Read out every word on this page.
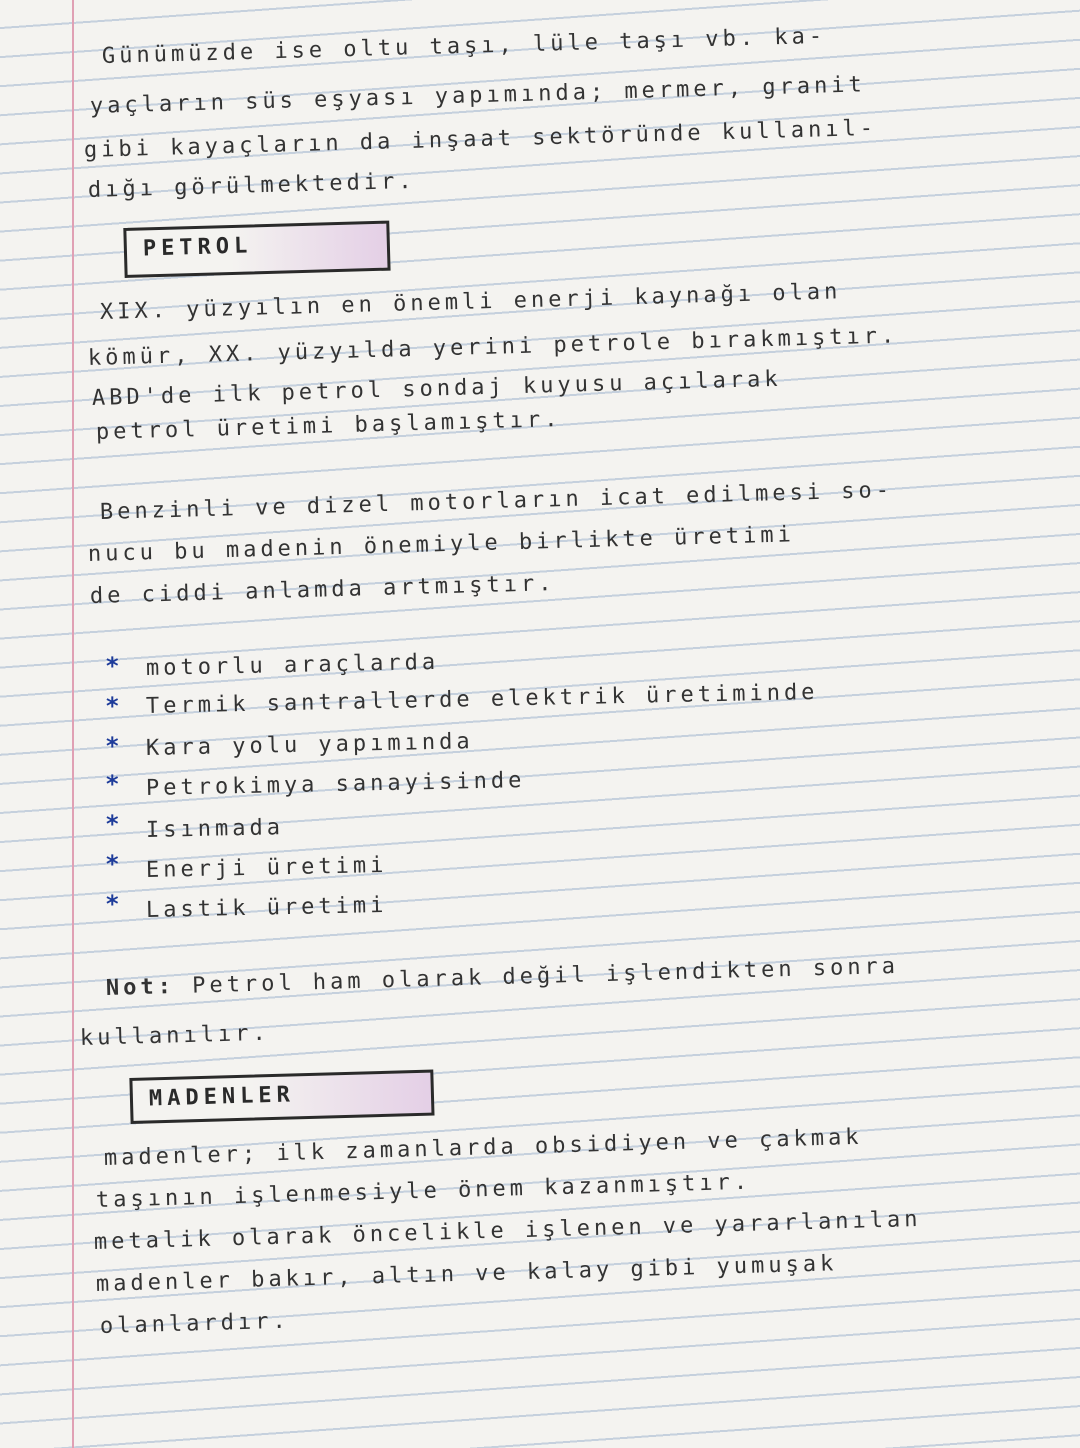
Günümüzde ise oltu taşı, lüle taşı vb. ka-
yaçların süs eşyası yapımında; mermer, granit
gibi kayaçların da inşaat sektöründe kullanıl-
dığı görülmektedir.
PETROL
XIX. yüzyılın en önemli enerji kaynağı olan
kömür, XX. yüzyılda yerini petrole bırakmıştır.
ABD'de ilk petrol sondaj kuyusu açılarak
petrol üretimi başlamıştır.
Benzinli ve dizel motorların icat edilmesi so-
nucu bu madenin önemiyle birlikte üretimi
de ciddi anlamda artmıştır.
* motorlu araçlarda
* Termik santrallerde elektrik üretiminde
* Kara yolu yapımında
* Petrokimya sanayisinde
* Isınmada
* Enerji üretimi
* Lastik üretimi
Not: Petrol ham olarak değil işlendikten sonra
kullanılır.
MADENLER
madenler; ilk zamanlarda obsidiyen ve çakmak
taşının işlenmesiyle önem kazanmıştır.
metalik olarak öncelikle işlenen ve yararlanılan
madenler bakır, altın ve kalay gibi yumuşak
olanlardır.
